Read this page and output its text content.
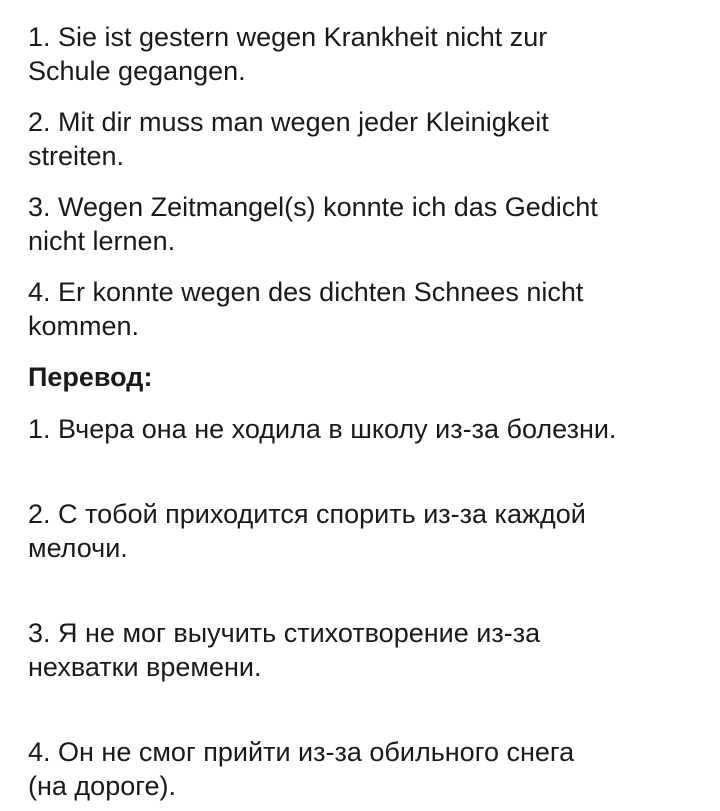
1. Sie ist gestern wegen Krankheit nicht zur

Schule gegangen.

2. Mit dir muss man wegen jeder Kleinigkeit

streiten.

3. Wegen Zeitmangel(s) konnte ich das Gedicht

nicht lernen.

4. Er konnte wegen des dichten Schnees nicht

kommen.

Перевод:

1. Вчера она не ходила в школу из-за болезни.

2. С тобой приходится спорить из-за каждой

мелочи.

3. Я не мог выучить стихотворение из-за

нехватки времени.

4. Он не смог прийти из-за обильного снега

(на дороге).
